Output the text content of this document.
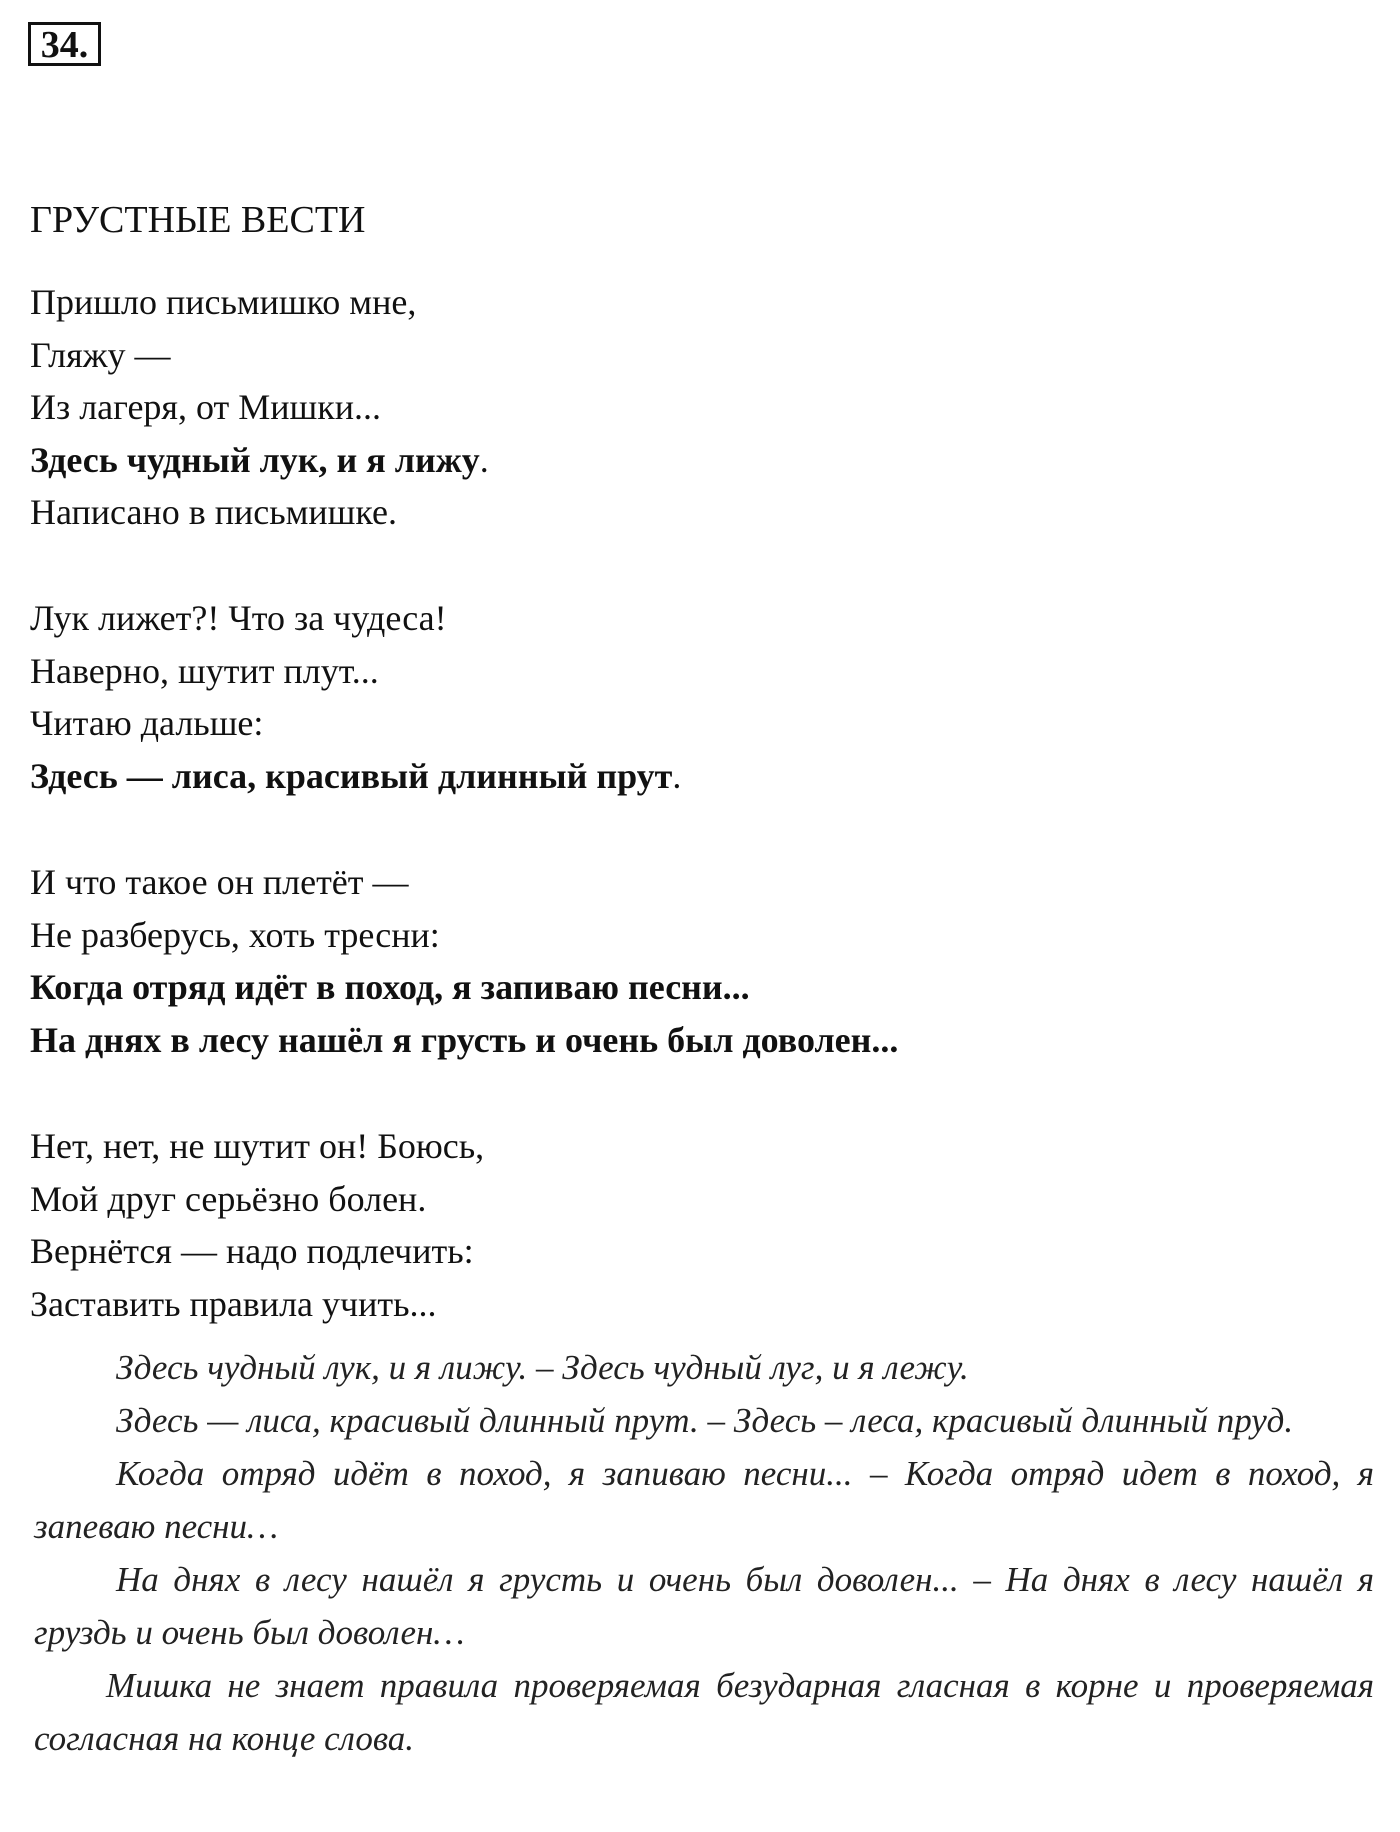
34.
ГРУСТНЫЕ ВЕСТИ
Пришло письмишко мне,
Гляжу —
Из лагеря, от Мишки...
Здесь чудный лук, и я лижу.
Написано в письмишке.
Лук лижет?! Что за чудеса!
Наверно, шутит плут...
Читаю дальше:
Здесь — лиса, красивый длинный прут.
И что такое он плетёт —
Не разберусь, хоть тресни:
Когда отряд идёт в поход, я запиваю песни...
На днях в лесу нашёл я грусть и очень был доволен...
Нет, нет, не шутит он! Боюсь,
Мой друг серьёзно болен.
Вернётся — надо подлечить:
Заставить правила учить...

Здесь чудный лук, и я лижу. – Здесь чудный луг, и я лежу.

Здесь — лиса, красивый длинный прут. – Здесь – леса, красивый длинный пруд.

Когда отряд идёт в поход, я запиваю песни... – Когда отряд идет в поход, я запеваю песни…

На днях в лесу нашёл я грусть и очень был доволен... – На днях в лесу нашёл я груздь и очень был доволен…

Мишка не знает правила проверяемая безударная гласная в корне и проверяемая согласная на конце слова.
